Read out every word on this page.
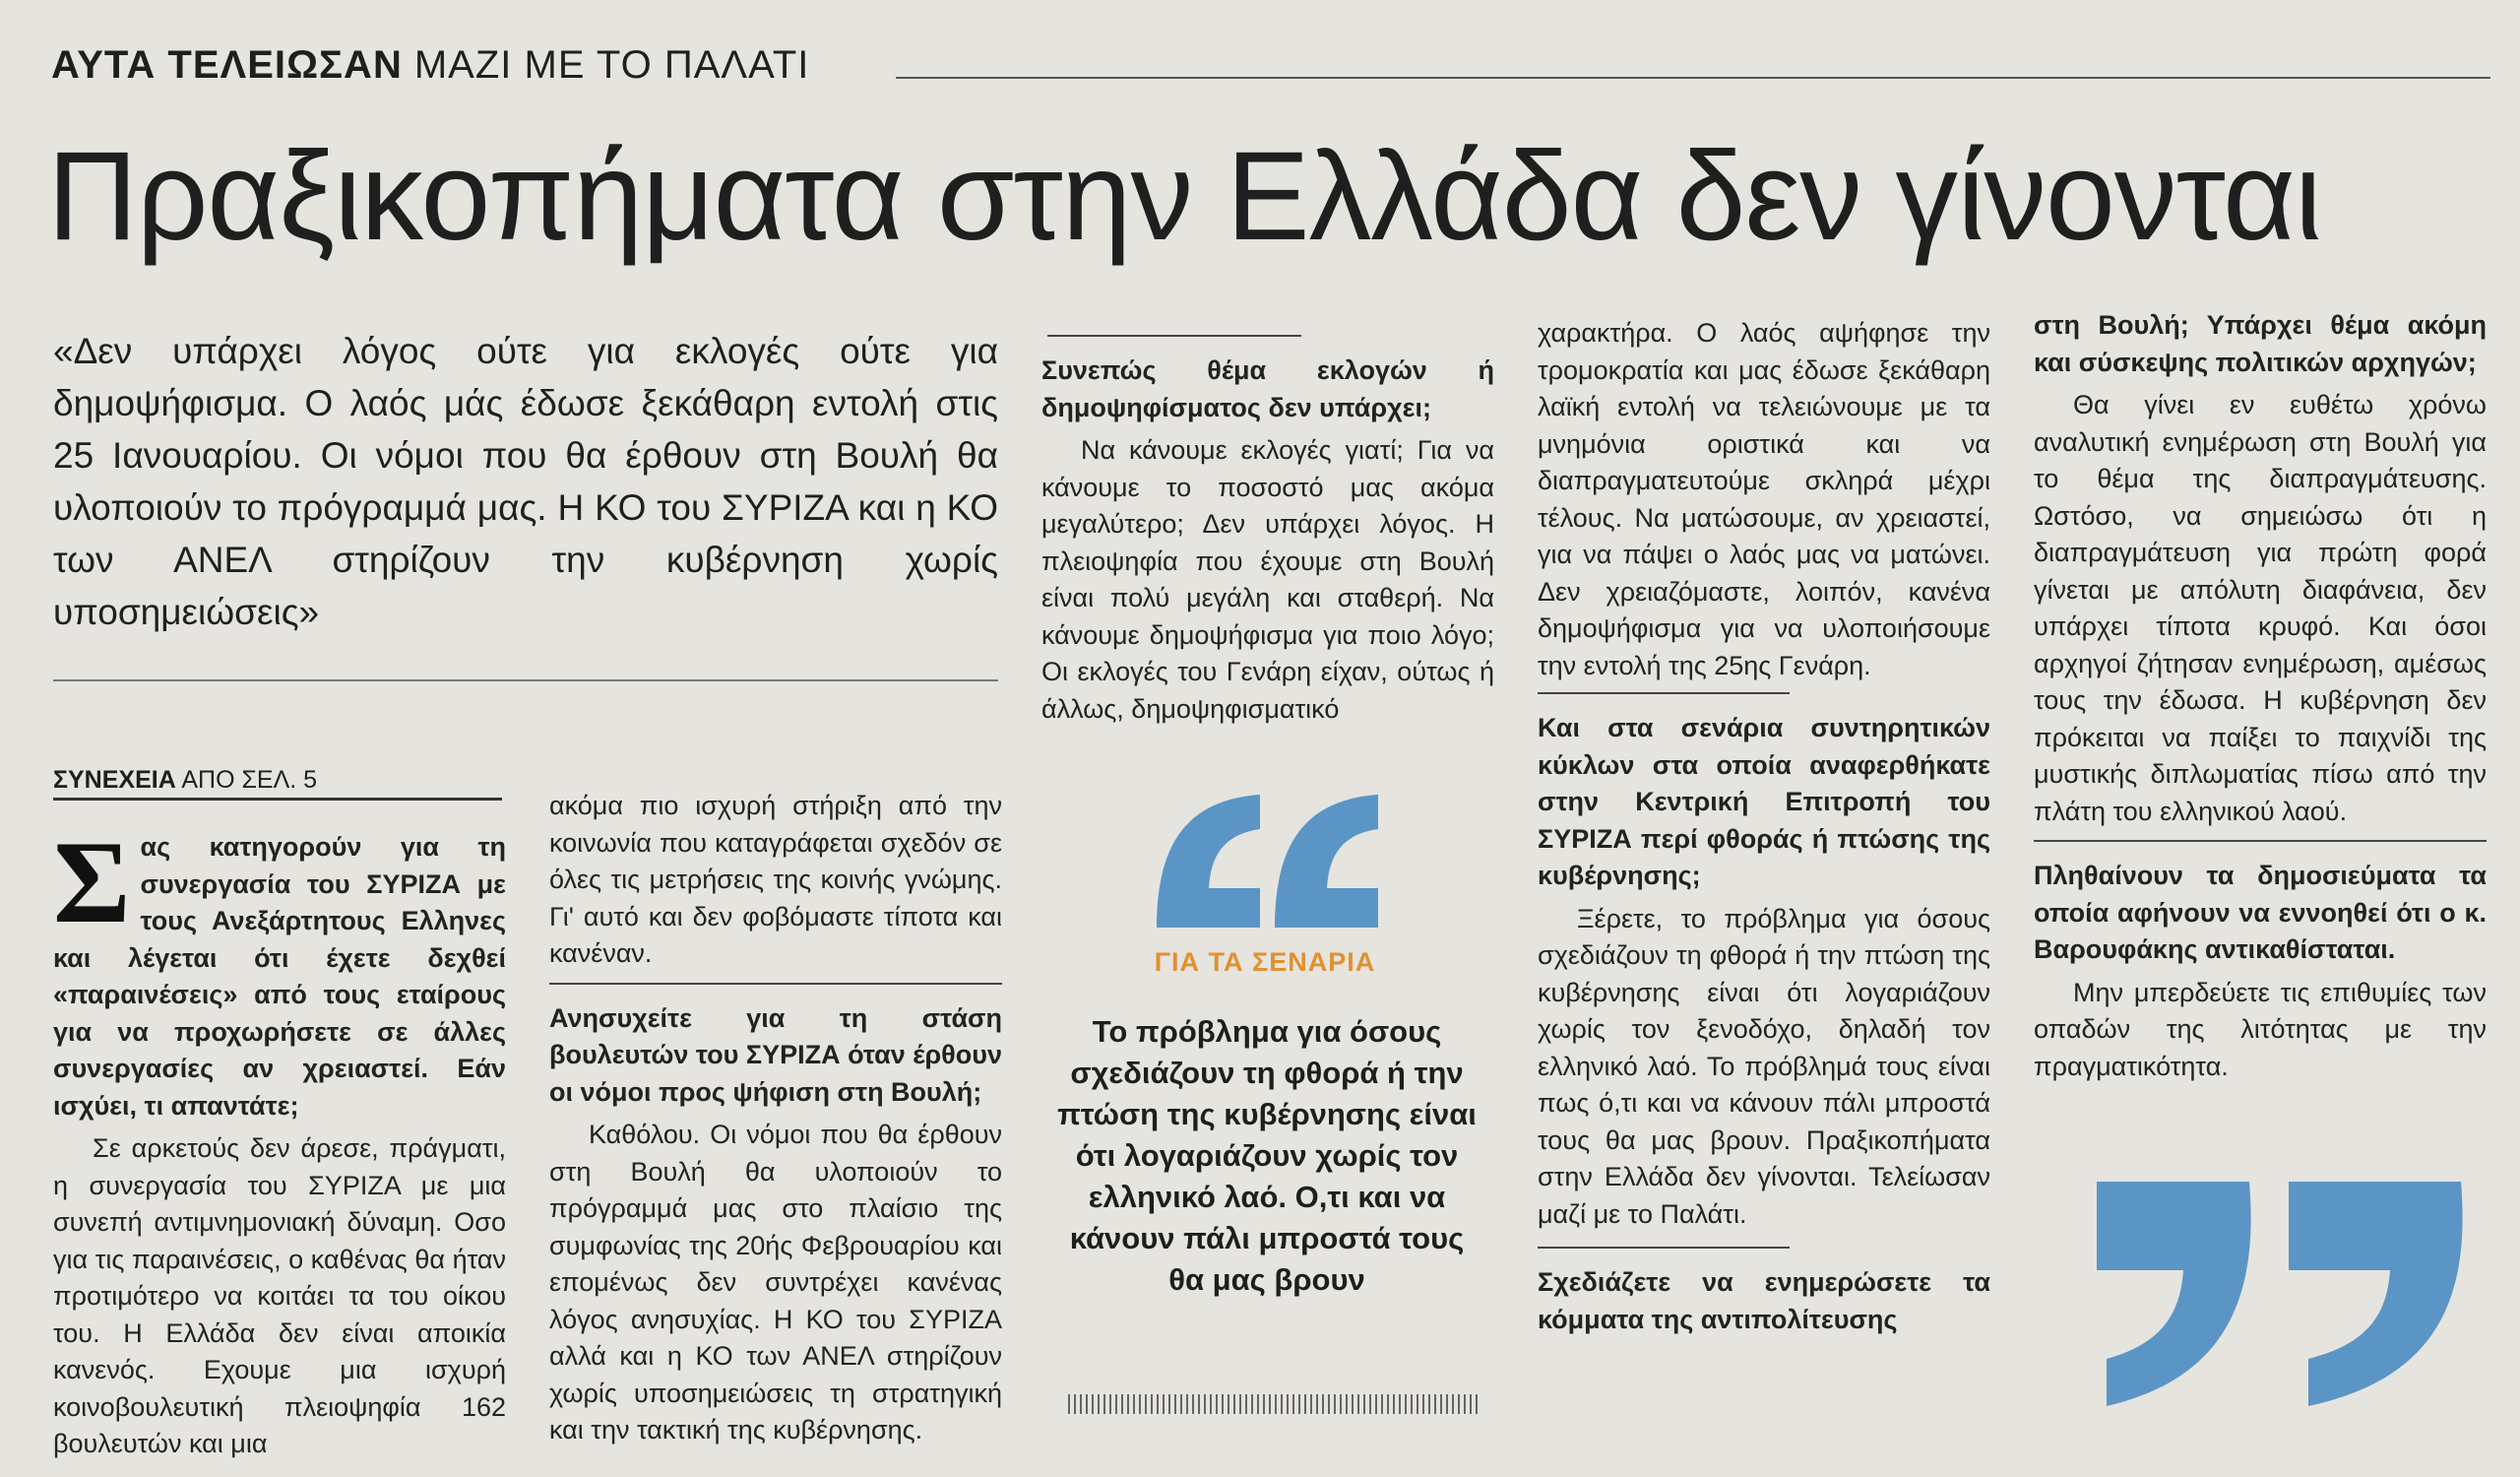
ΑΥΤΑ ΤΕΛΕΙΩΣΑΝ ΜΑΖΙ ΜΕ ΤΟ ΠΑΛΑΤΙ
Πραξικοπήματα στην Ελλάδα δεν γίνονται
«Δεν υπάρχει λόγος ούτε για εκλογές ούτε για δημοψήφισμα. Ο λαός μάς έδωσε ξεκάθαρη εντολή στις 25 Ιανουαρίου. Οι νόμοι που θα έρθουν στη Βουλή θα υλοποιούν το πρόγραμμά μας. Η ΚΟ του ΣΥΡΙΖΑ και η ΚΟ των ΑΝΕΛ στηρίζουν την κυβέρνηση χωρίς υποσημειώσεις»
ΣΥΝΕΧΕΙΑ ΑΠΟ ΣΕΛ. 5
Σας κατηγορούν για τη συνεργασία του ΣΥΡΙΖΑ με τους Ανεξάρτητους Ελληνες και λέγεται ότι έχετε δεχθεί «παραινέσεις» από τους εταίρους για να προχωρήσετε σε άλλες συνεργασίες αν χρειαστεί. Εάν ισχύει, τι απαντάτε;

Σε αρκετούς δεν άρεσε, πράγματι, η συνεργασία του ΣΥΡΙΖΑ με μια συνεπή αντιμνημονιακή δύναμη. Οσο για τις παραινέσεις, ο καθένας θα ήταν προτιμότερο να κοιτάει τα του οίκου του. Η Ελλάδα δεν είναι αποικία κανενός. Εχουμε μια ισχυρή κοινοβουλευτική πλειοψηφία 162 βουλευτών και μια

ακόμα πιο ισχυρή στήριξη από την κοινωνία που καταγράφεται σχεδόν σε όλες τις μετρήσεις της κοινής γνώμης. Γι' αυτό και δεν φοβόμαστε τίποτα και κανέναν.

Ανησυχείτε για τη στάση βουλευτών του ΣΥΡΙΖΑ όταν έρθουν οι νόμοι προς ψήφιση στη Βουλή;

Καθόλου. Οι νόμοι που θα έρθουν στη Βουλή θα υλοποιούν το πρόγραμμά μας στο πλαίσιο της συμφωνίας της 20ής Φεβρουαρίου και επομένως δεν συντρέχει κανένας λόγος ανησυχίας. Η ΚΟ του ΣΥΡΙΖΑ αλλά και η ΚΟ των ΑΝΕΛ στηρίζουν χωρίς υποσημειώσεις τη στρατηγική και την τακτική της κυβέρνησης.

Συνεπώς θέμα εκλογών ή δημοψηφίσματος δεν υπάρχει;

Να κάνουμε εκλογές γιατί; Για να κάνουμε το ποσοστό μας ακόμα μεγαλύτερο; Δεν υπάρχει λόγος. Η πλειοψηφία που έχουμε στη Βουλή είναι πολύ μεγάλη και σταθερή. Να κάνουμε δημοψήφισμα για ποιο λόγο; Οι εκλογές του Γενάρη είχαν, ούτως ή άλλως, δημοψηφισματικό

ΓΙΑ ΤΑ ΣΕΝΑΡΙΑ
Το πρόβλημα για όσους σχεδιάζουν τη φθορά ή την πτώση της κυβέρνησης είναι ότι λογαριάζουν χωρίς τον ελληνικό λαό. Ο,τι και να κάνουν πάλι μπροστά τους θα μας βρουν

χαρακτήρα. Ο λαός αψήφησε την τρομοκρατία και μας έδωσε ξεκάθαρη λαϊκή εντολή να τελειώνουμε με τα μνημόνια οριστικά και να διαπραγματευτούμε σκληρά μέχρι τέλους. Να ματώσουμε, αν χρειαστεί, για να πάψει ο λαός μας να ματώνει. Δεν χρειαζόμαστε, λοιπόν, κανένα δημοψήφισμα για να υλοποιήσουμε την εντολή της 25ης Γενάρη.

Και στα σενάρια συντηρητικών κύκλων στα οποία αναφερθήκατε στην Κεντρική Επιτροπή του ΣΥΡΙΖΑ περί φθοράς ή πτώσης της κυβέρνησης;

Ξέρετε, το πρόβλημα για όσους σχεδιάζουν τη φθορά ή την πτώση της κυβέρνησης είναι ότι λογαριάζουν χωρίς τον ξενοδόχο, δηλαδή τον ελληνικό λαό. Το πρόβλημά τους είναι πως ό,τι και να κάνουν πάλι μπροστά τους θα μας βρουν. Πραξικοπήματα στην Ελλάδα δεν γίνονται. Τελείωσαν μαζί με το Παλάτι.

Σχεδιάζετε να ενημερώσετε τα κόμματα της αντιπολίτευσης
στη Βουλή; Υπάρχει θέμα ακόμη και σύσκεψης πολιτικών αρχηγών;

Θα γίνει εν ευθέτω χρόνω αναλυτική ενημέρωση στη Βουλή για το θέμα της διαπραγμάτευσης. Ωστόσο, να σημειώσω ότι η διαπραγμάτευση για πρώτη φορά γίνεται με απόλυτη διαφάνεια, δεν υπάρχει τίποτα κρυφό. Και όσοι αρχηγοί ζήτησαν ενημέρωση, αμέσως τους την έδωσα. Η κυβέρνηση δεν πρόκειται να παίξει το παιχνίδι της μυστικής διπλωματίας πίσω από την πλάτη του ελληνικού λαού.

Πληθαίνουν τα δημοσιεύματα τα οποία αφήνουν να εννοηθεί ότι ο κ. Βαρουφάκης αντικαθίσταται.

Μην μπερδεύετε τις επιθυμίες των οπαδών της λιτότητας με την πραγματικότητα.
